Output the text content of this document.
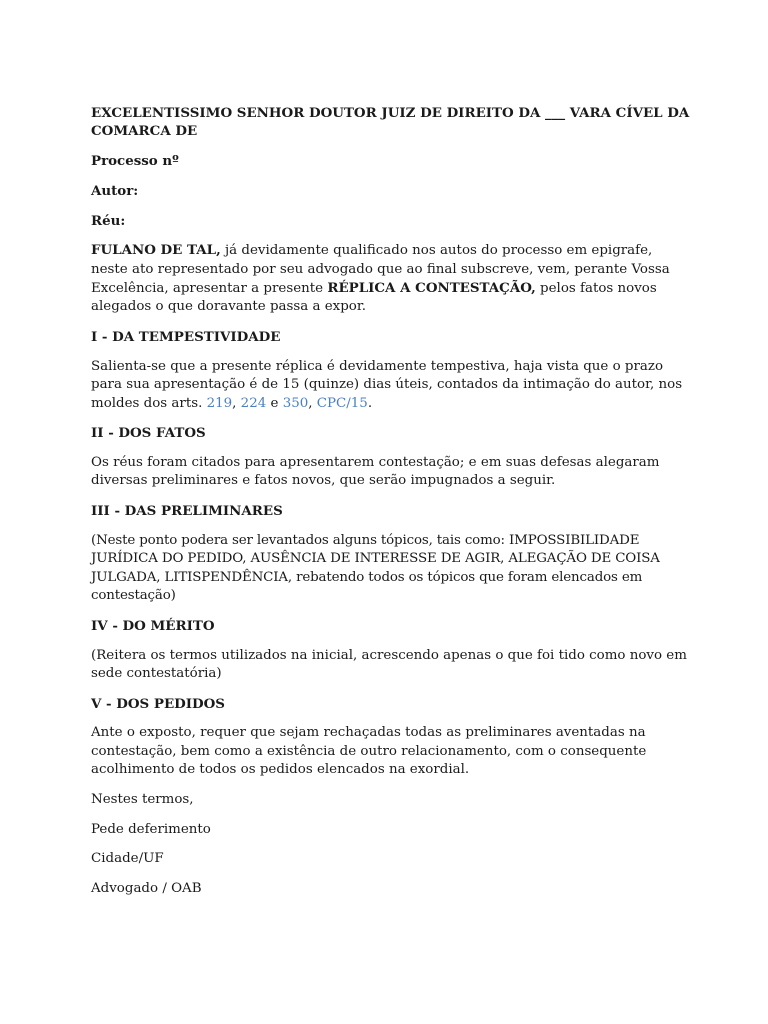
EXCELENTISSIMO SENHOR DOUTOR JUIZ DE DIREITO DA ___ VARA CÍVEL DA COMARCA DE

Processo nº

Autor:

Réu:

FULANO DE TAL, já devidamente qualificado nos autos do processo em epigrafe, neste ato representado por seu advogado que ao final subscreve, vem, perante Vossa Excelência, apresentar a presente RÉPLICA A CONTESTAÇÃO, pelos fatos novos alegados o que doravante passa a expor.

I - DA TEMPESTIVIDADE

Salienta-se que a presente réplica é devidamente tempestiva, haja vista que o prazo para sua apresentação é de 15 (quinze) dias úteis, contados da intimação do autor, nos moldes dos arts. 219, 224 e 350, CPC/15.

II - DOS FATOS

Os réus foram citados para apresentarem contestação; e em suas defesas alegaram diversas preliminares e fatos novos, que serão impugnados a seguir.

III - DAS PRELIMINARES

(Neste ponto podera ser levantados alguns tópicos, tais como: IMPOSSIBILIDADE JURÍDICA DO PEDIDO, AUSÊNCIA DE INTERESSE DE AGIR, ALEGAÇÃO DE COISA JULGADA, LITISPENDÊNCIA, rebatendo todos os tópicos que foram elencados em contestação)

IV - DO MÉRITO

(Reitera os termos utilizados na inicial, acrescendo apenas o que foi tido como novo em sede contestatória)

V - DOS PEDIDOS

Ante o exposto, requer que sejam rechaçadas todas as preliminares aventadas na contestação, bem como a existência de outro relacionamento, com o consequente acolhimento de todos os pedidos elencados na exordial.

Nestes termos,

Pede deferimento

Cidade/UF

Advogado / OAB
